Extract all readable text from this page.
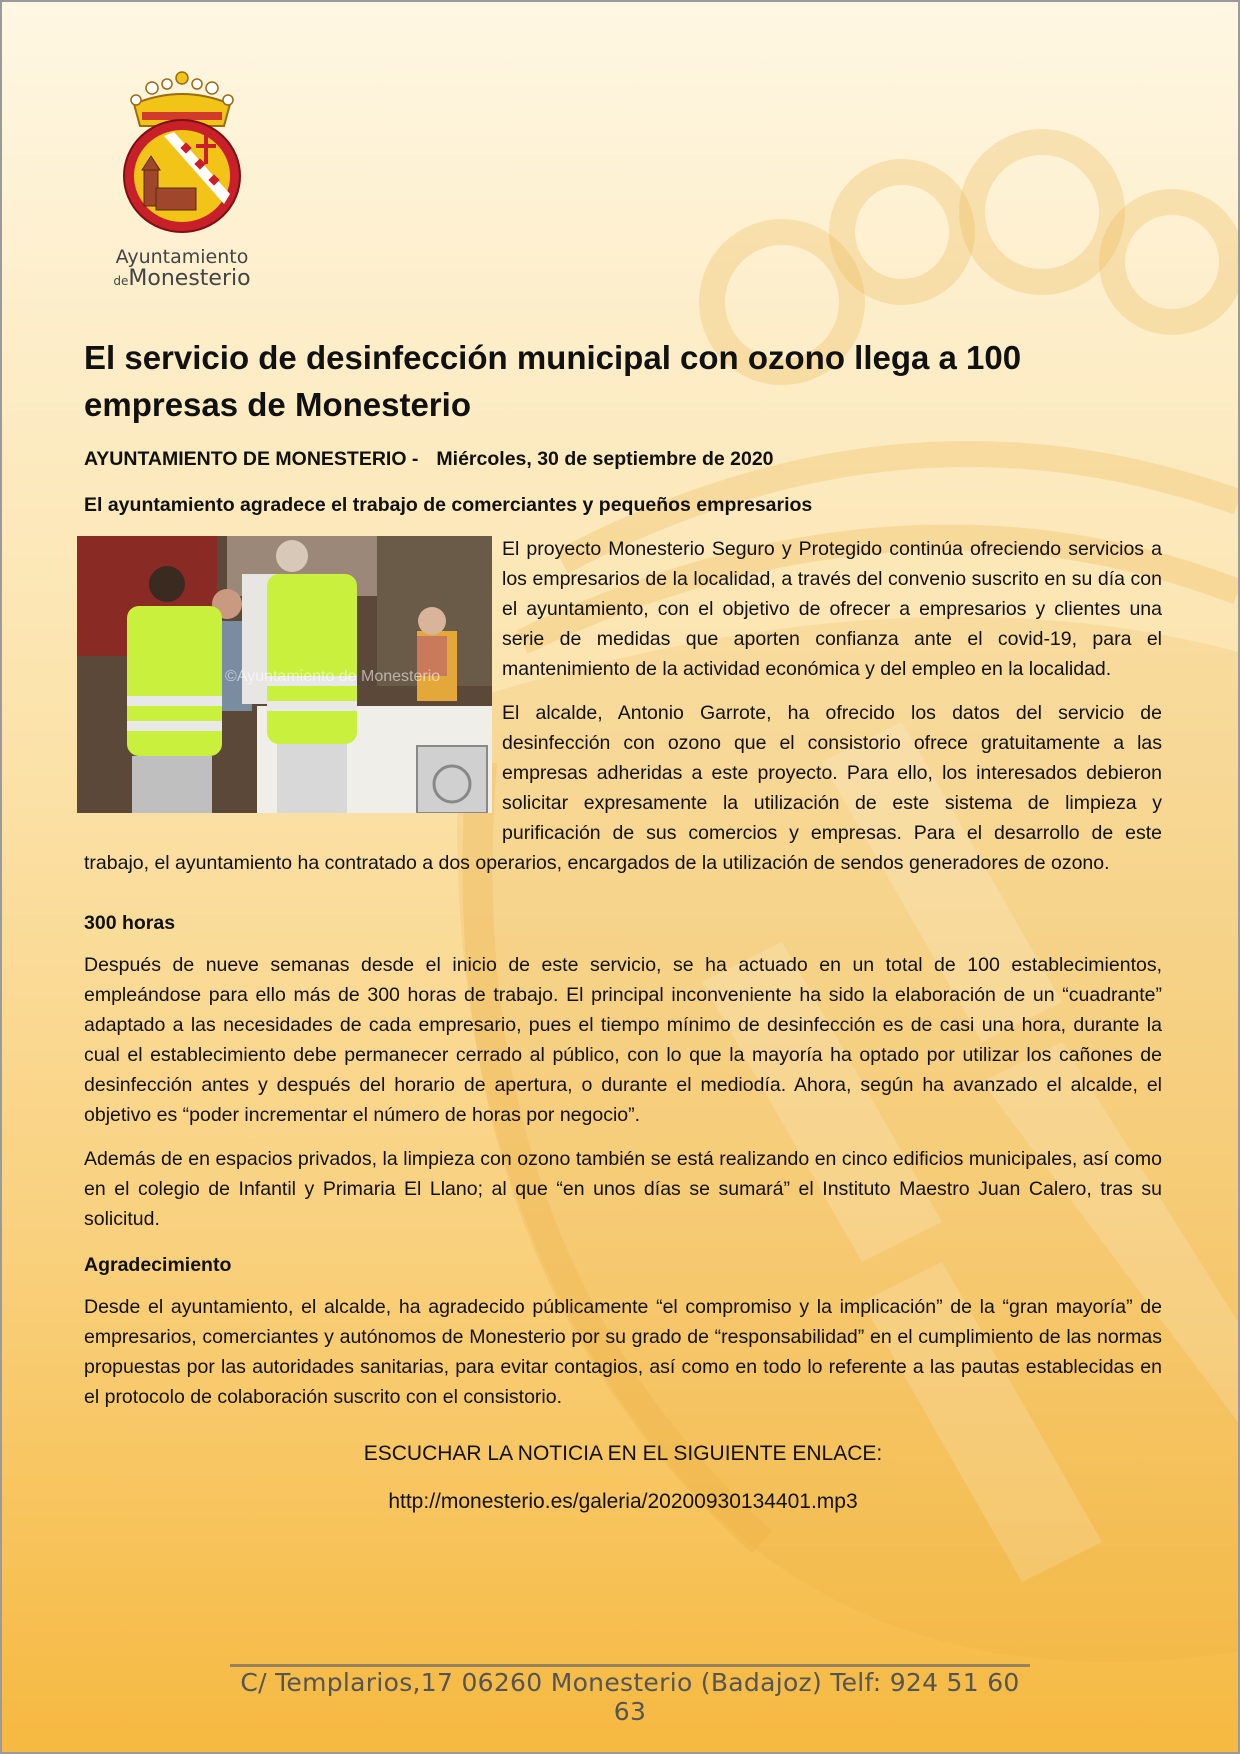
Ayuntamiento
deMonesterio
El servicio de desinfección municipal con ozono llega a 100 empresas de Monesterio
AYUNTAMIENTO DE MONESTERIO - Miércoles, 30 de septiembre de 2020
El ayuntamiento agradece el trabajo de comerciantes y pequeños empresarios
©Ayuntamiento de Monesterio

El proyecto Monesterio Seguro y Protegido continúa ofreciendo servicios a los empresarios de la localidad, a través del convenio suscrito en su día con el ayuntamiento, con el objetivo de ofrecer a empresarios y clientes una serie de medidas que aporten confianza ante el covid-19, para el mantenimiento de la actividad económica y del empleo en la localidad.

El alcalde, Antonio Garrote, ha ofrecido los datos del servicio de desinfección con ozono que el consistorio ofrece gratuitamente a las empresas adheridas a este proyecto. Para ello, los interesados debieron solicitar expresamente la utilización de este sistema de limpieza y purificación de sus comercios y empresas. Para el desarrollo de este trabajo, el ayuntamiento ha contratado a dos operarios, encargados de la utilización de sendos generadores de ozono.

300 horas

Después de nueve semanas desde el inicio de este servicio, se ha actuado en un total de 100 establecimientos, empleándose para ello más de 300 horas de trabajo. El principal inconveniente ha sido la elaboración de un “cuadrante” adaptado a las necesidades de cada empresario, pues el tiempo mínimo de desinfección es de casi una hora, durante la cual el establecimiento debe permanecer cerrado al público, con lo que la mayoría ha optado por utilizar los cañones de desinfección antes y después del horario de apertura, o durante el mediodía. Ahora, según ha avanzado el alcalde, el objetivo es “poder incrementar el número de horas por negocio”.

Además de en espacios privados, la limpieza con ozono también se está realizando en cinco edificios municipales, así como en el colegio de Infantil y Primaria El Llano; al que “en unos días se sumará” el Instituto Maestro Juan Calero, tras su solicitud.

Agradecimiento

Desde el ayuntamiento, el alcalde, ha agradecido públicamente “el compromiso y la implicación” de la “gran mayoría” de empresarios, comerciantes y autónomos de Monesterio por su grado de “responsabilidad” en el cumplimiento de las normas propuestas por las autoridades sanitarias, para evitar contagios, así como en todo lo referente a las pautas establecidas en el protocolo de colaboración suscrito con el consistorio.

ESCUCHAR LA NOTICIA EN EL SIGUIENTE ENLACE:
http://monesterio.es/galeria/20200930134401.mp3
C/ Templarios,17 06260 Monesterio (Badajoz) Telf: 924 51 60 63
